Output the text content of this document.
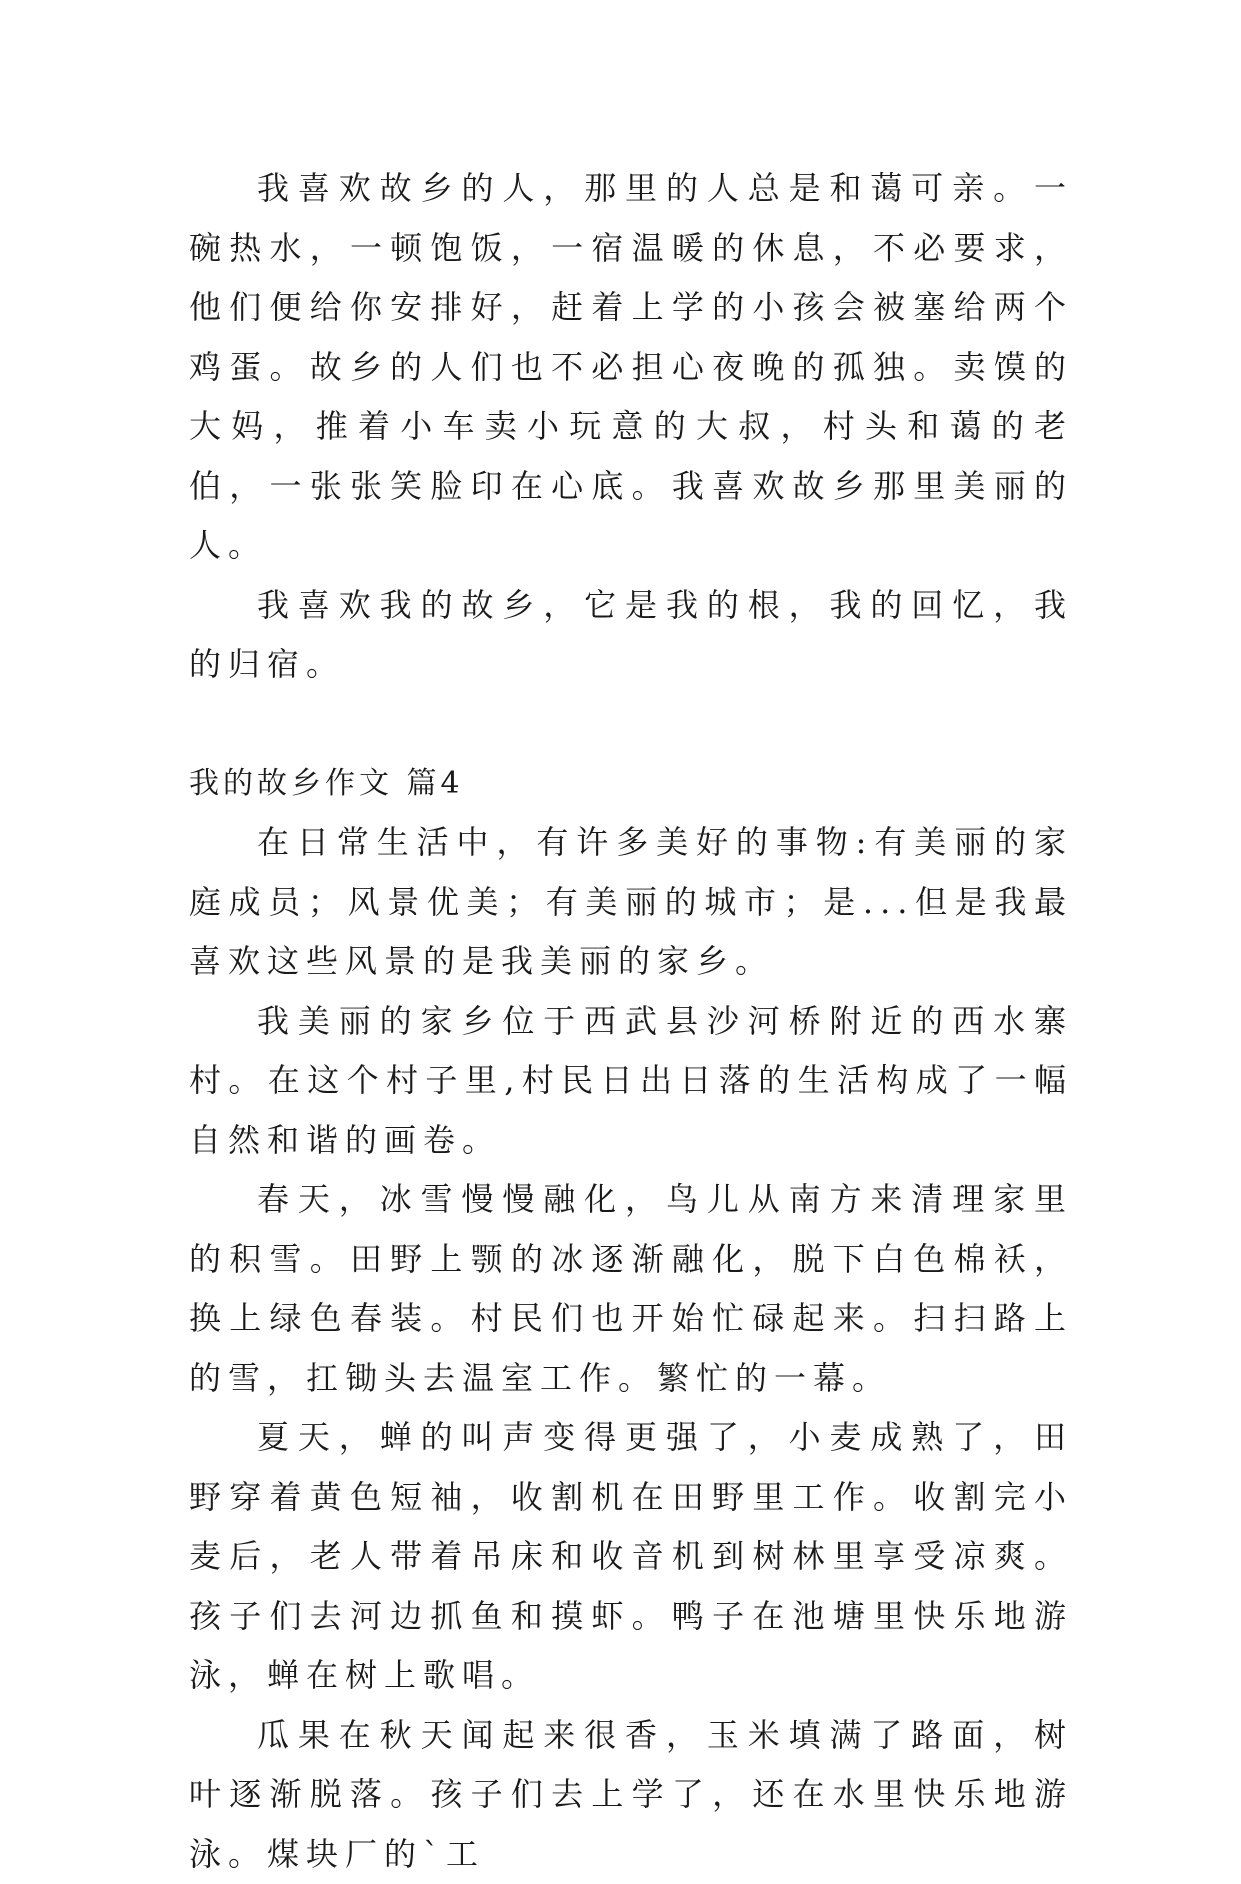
我喜欢故乡的人，那里的人总是和蔼可亲。一碗热水，一顿饱饭，一宿温暖的休息，不必要求，他们便给你安排好，赶着上学的小孩会被塞给两个鸡蛋。故乡的人们也不必担心夜晚的孤独。卖馍的大妈，推着小车卖小玩意的大叔，村头和蔼的老伯，一张张笑脸印在心底。我喜欢故乡那里美丽的人。

我喜欢我的故乡，它是我的根，我的回忆，我的归宿。

我的故乡作文 篇4

在日常生活中，有许多美好的事物:有美丽的家庭成员；风景优美；有美丽的城市；是...但是我最喜欢这些风景的是我美丽的家乡。

我美丽的家乡位于西武县沙河桥附近的西水寨村。在这个村子里,村民日出日落的生活构成了一幅自然和谐的画卷。

春天，冰雪慢慢融化，鸟儿从南方来清理家里的积雪。田野上颚的冰逐渐融化，脱下白色棉袄，换上绿色春装。村民们也开始忙碌起来。扫扫路上的雪，扛锄头去温室工作。繁忙的一幕。

夏天，蝉的叫声变得更强了，小麦成熟了，田野穿着黄色短袖，收割机在田野里工作。收割完小麦后，老人带着吊床和收音机到树林里享受凉爽。孩子们去河边抓鱼和摸虾。鸭子在池塘里快乐地游泳，蝉在树上歌唱。

瓜果在秋天闻起来很香，玉米填满了路面，树叶逐渐脱落。孩子们去上学了，还在水里快乐地游泳。煤块厂的`工
